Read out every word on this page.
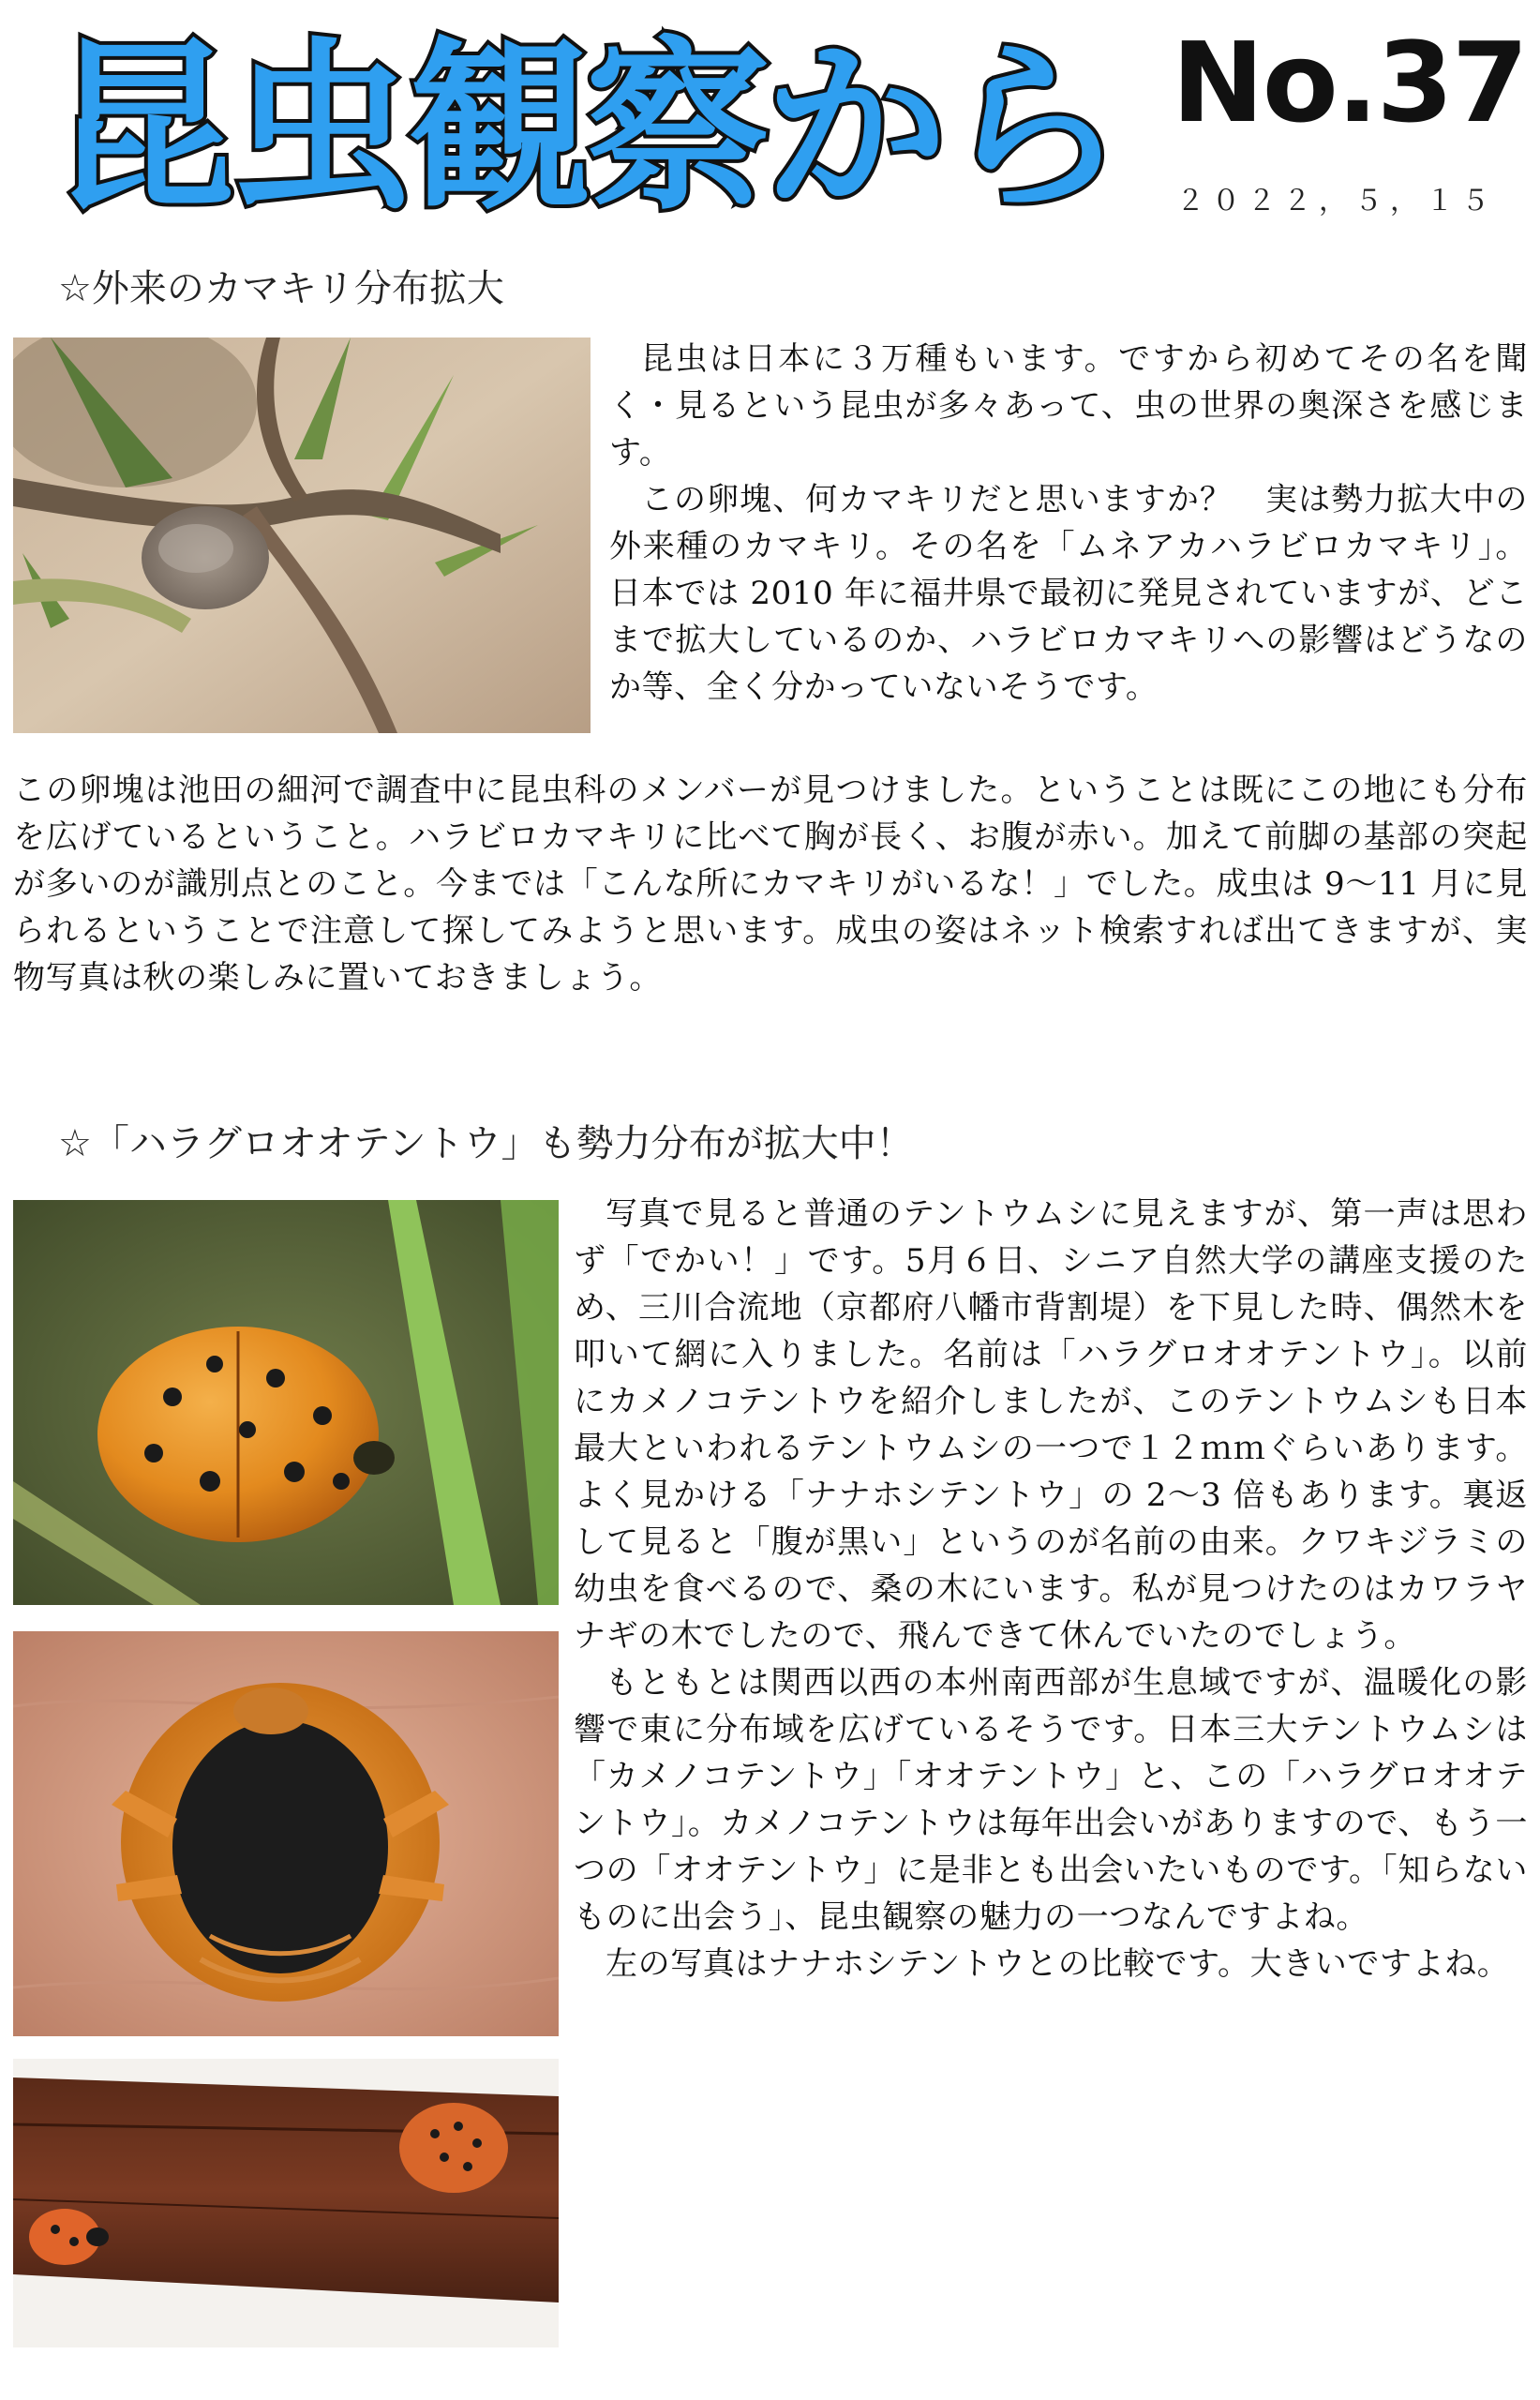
昆虫観察から No.37
２０２２，５，１５
☆外来のカマキリ分布拡大

昆虫は日本に３万種もいます。ですから初めてその名を聞く・見るという昆虫が多々あって、虫の世界の奥深さを感じます。

この卵塊、何カマキリだと思いますか？　実は勢力拡大中の外来種のカマキリ。その名を「ムネアカハラビロカマキリ」。日本では 2010 年に福井県で最初に発見されていますが、どこまで拡大しているのか、ハラビロカマキリへの影響はどうなのか等、全く分かっていないそうです。

この卵塊は池田の細河で調査中に昆虫科のメンバーが見つけました。ということは既にこの地にも分布を広げているということ。ハラビロカマキリに比べて胸が長く、お腹が赤い。加えて前脚の基部の突起が多いのが識別点とのこと。今までは「こんな所にカマキリがいるな！」でした。成虫は 9〜11 月に見られるということで注意して探してみようと思います。成虫の姿はネット検索すれば出てきますが、実物写真は秋の楽しみに置いておきましょう。

☆「ハラグロオオテントウ」も勢力分布が拡大中！

写真で見ると普通のテントウムシに見えますが、第一声は思わず「でかい！」です。5月６日、シニア自然大学の講座支援のため、三川合流地（京都府八幡市背割堤）を下見した時、偶然木を叩いて網に入りました。名前は「ハラグロオオテントウ」。以前にカメノコテントウを紹介しましたが、このテントウムシも日本最大といわれるテントウムシの一つで１２ｍｍぐらいあります。よく見かける「ナナホシテントウ」の 2〜3 倍もあります。裏返して見ると「腹が黒い」というのが名前の由来。クワキジラミの幼虫を食べるので、桑の木にいます。私が見つけたのはカワラヤナギの木でしたので、飛んできて休んでいたのでしょう。

もともとは関西以西の本州南西部が生息域ですが、温暖化の影響で東に分布域を広げているそうです。日本三大テントウムシは「カメノコテントウ」「オオテントウ」と、この「ハラグロオオテントウ」。カメノコテントウは毎年出会いがありますので、もう一つの「オオテントウ」に是非とも出会いたいものです。「知らないものに出会う」、昆虫観察の魅力の一つなんですよね。

左の写真はナナホシテントウとの比較です。大きいですよね。
